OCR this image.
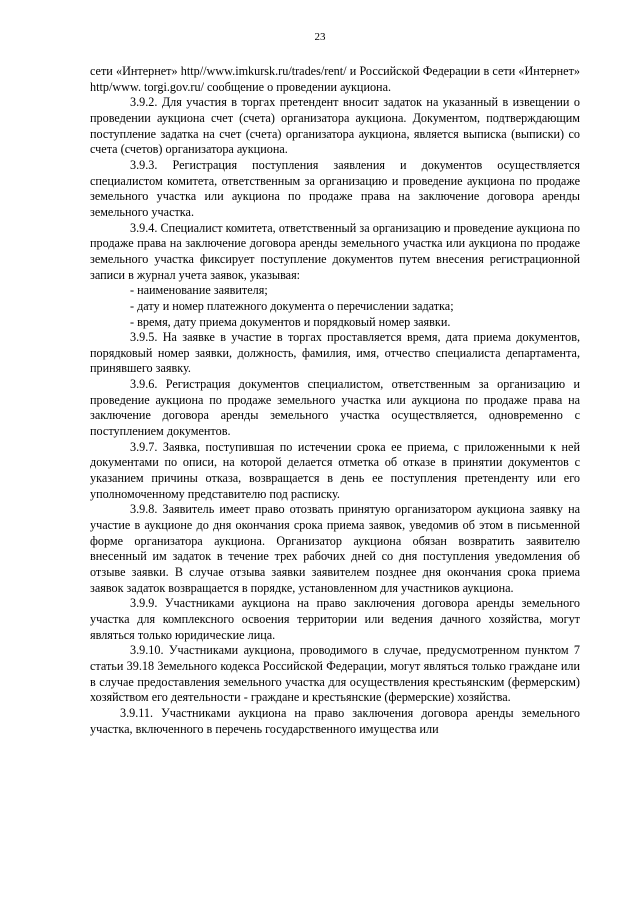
23

сети «Интернет» http//www.imkursk.ru/trades/rent/ и Российской Федерации в сети «Интернет» http/www. torgi.gov.ru/ сообщение о проведении аукциона.

3.9.2. Для участия в торгах претендент вносит задаток на указанный в извещении о проведении аукциона счет (счета) организатора аукциона. Документом, подтверждающим поступление задатка на счет (счета) организатора аукциона, является выписка (выписки) со счета (счетов) организатора аукциона.

3.9.3. Регистрация поступления заявления и документов осуществляется специалистом комитета, ответственным за организацию и проведение аукциона по продаже земельного участка или аукциона по продаже права на заключение договора аренды земельного участка.

3.9.4. Специалист комитета, ответственный за организацию и проведение аукциона по продаже права на заключение договора аренды земельного участка или аукциона по продаже земельного участка фиксирует поступление документов путем внесения регистрационной записи в журнал учета заявок, указывая:

- наименование заявителя;

- дату и номер платежного документа о перечислении задатка;

- время, дату приема документов и порядковый номер заявки.

3.9.5. На заявке в участие в торгах проставляется время, дата приема документов, порядковый номер заявки, должность, фамилия, имя, отчество специалиста департамента, принявшего заявку.

3.9.6. Регистрация документов специалистом, ответственным за организацию и проведение аукциона по продаже земельного участка или аукциона по продаже права на заключение договора аренды земельного участка осуществляется, одновременно с поступлением документов.

3.9.7. Заявка, поступившая по истечении срока ее приема, с приложенными к ней документами по описи, на которой делается отметка об отказе в принятии документов с указанием причины отказа, возвращается в день ее поступления претенденту или его уполномоченному представителю под расписку.

3.9.8. Заявитель имеет право отозвать принятую организатором аукциона заявку на участие в аукционе до дня окончания срока приема заявок, уведомив об этом в письменной форме организатора аукциона. Организатор аукциона обязан возвратить заявителю внесенный им задаток в течение трех рабочих дней со дня поступления уведомления об отзыве заявки. В случае отзыва заявки заявителем позднее дня окончания срока приема заявок задаток возвращается в порядке, установленном для участников аукциона.

3.9.9. Участниками аукциона на право заключения договора аренды земельного участка для комплексного освоения территории или ведения дачного хозяйства, могут являться только юридические лица.

3.9.10. Участниками аукциона, проводимого в случае, предусмотренном пунктом 7 статьи 39.18 Земельного кодекса Российской Федерации, могут являться только граждане или в случае предоставления земельного участка для осуществления крестьянским (фермерским) хозяйством его деятельности - граждане и крестьянские (фермерские) хозяйства.

3.9.11. Участниками аукциона на право заключения договора аренды земельного участка, включенного в перечень государственного имущества или
